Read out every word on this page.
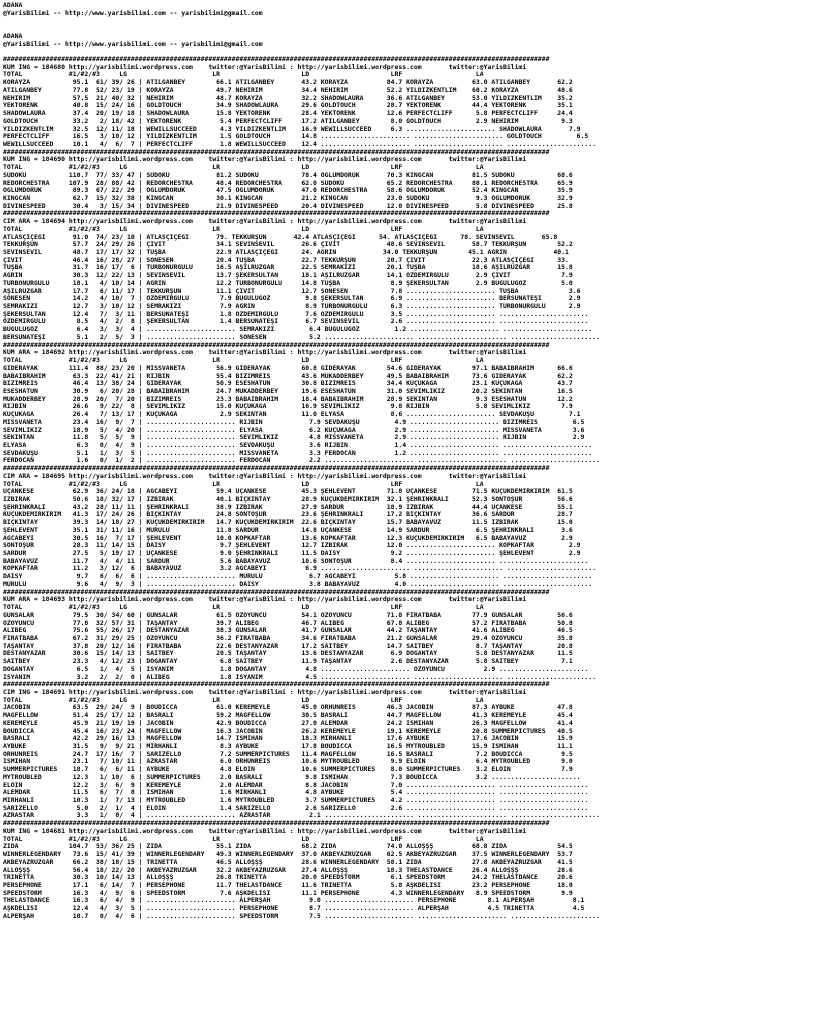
ADANA
@YarisBilimi -- http://www.yarisbilimi.com -- yarisbilimi@gmail.com
ADANA
@YarisBilimi -- http://www.yarisbilimi.com -- yarisbilimi@gmail.com
#############################################################################################################################################
KUM ING = 184680 http://yarisbilimi.wordpress.com    twitter:@YarisBilimi : http://yarisbilimi.wordpress.com       twitter:@YarisBilimi
TOTAL            #1/#2/#3     LG                      LR                     LD                     LRF                   LA
KORAYZA           95.1  61/ 39/ 26 | ATILGANBEY        66.1 ATILGANBEY       43.2 KORAYZA          84.7 KORAYZA          63.0 ATILGANBEY       62.2
ATILGANBEY        77.8  52/ 23/ 19 | KORAYZA           49.7 NEHİRİM          34.4 NEHİRİM          52.2 YILDIZKENTLİM    60.2 KORAYZA          48.6
NEHİRİM           57.5  21/ 40/ 32 | NEHİRİM           48.7 KORAYZA          32.2 SHADOWLAURA      36.6 ATILGANBEY       53.0 YILDIZKENTLİM    35.2
YEKTORENK         40.8  15/ 24/ 16 | GOLDTOUCH         34.9 SHADOWLAURA      29.6 GOLDTOUCH        28.7 YEKTORENK        44.4 YEKTORENK        35.1
SHADOWLAURA       37.4  20/ 19/ 18 | SHADOWLAURA       15.8 YEKTORENK        28.4 YEKTORENK        12.6 PERFECTCLIFF      5.8 PERFECTCLIFF     24.4
GOLDTOUCH         33.2   2/ 18/ 42 | YEKTORENK          5.4 PERFECTCLIFF     17.2 ATILGANBEY        8.0 GOLDTOUCH         2.9 NEHİRİM           9.3
YILDIZKENTLİM     32.5  12/ 11/ 18 | WEWILLSUCCEED      4.3 YILDIZKENTLİM    16.9 WEWILLSUCCEED     6.3 ....................... SHADOWLAURA       7.9
PERFECTCLIFF      16.5   3/ 10/ 12 | YILDIZKENTLİM      1.5 GOLDTOUCH        14.8 ....................... ....................... GOLDTOUCH         6.5
WEWILLSUCCEED     10.1   4/  6/  7 | PERFECTCLIFF       1.8 WEWILLSUCCEED    12.4 ....................... ....................... .......................
#############################################################################################################################################
KUM ING = 184690 http://yarisbilimi.wordpress.com    twitter:@YarisBilimi : http://yarisbilimi.wordpress.com       twitter:@YarisBilimi
TOTAL            #1/#2/#3     LG                      LR                     LD                     LRF                   LA
SUDOKU           110.7  77/ 33/ 47 | SUDOKU            81.2 SUDOKU           78.4 OĞLUMDORUK       70.3 KINGCAN          81.5 SUDOKU           68.6
REDORCHESTRA     107.9  28/ 88/ 42 | REDORCHESTRA      48.4 REDORCHESTRA     62.0 SUDOKU           65.2 REDORCHESTRA     80.1 REDORCHESTRA     65.9
OĞLUMDORUK        89.3  67/ 22/ 29 | OĞLUMDORUK        47.5 OĞLUMDORUK       47.0 REDORCHESTRA     58.6 OĞLUMDORUK       52.4 KINGCAN          35.9
KINGCAN           62.7  15/ 32/ 38 | KINGCAN           30.1 KINGCAN          21.2 KINGCAN          23.0 SUDOKU            9.3 OĞLUMDORUK       32.9
DIVINESPEED       30.4   3/ 15/ 34 | DIVINESPEED       21.9 DIVINESPEED      20.4 DIVINESPEED      12.0 DIVINESPEED       5.8 DIVINESPEED      25.8
#############################################################################################################################################
CIM ARA = 184694 http://yarisbilimi.wordpress.com    twitter:@YarisBilimi : http://yarisbilimi.wordpress.com       twitter:@YarisBilimi
TOTAL            #1/#2/#3     LG                      LR                     LD                     LRF                   LA
ATLASÇİÇEĞİ       91.0  74/ 23/ 10 | ATLASÇİÇEĞİ       79. TEKKURŞUN       42.4 ATLASÇİÇEĞİ      54. ATLASÇİÇEĞİ      78. SEVİNSEVİL       65.8
TEKKURŞUN         57.7  24/ 29/ 26 | ÇİVİT             34.1 SEVİNSEVİL       26.6 ÇİVİT            48.6 SEVİNSEVİL       58.7 TEKKURŞUN        52.2
SEVİNSEVİL        48.7  17/ 17/ 32 | TUŞBA             22.9 ATLASÇİÇEĞİ      24. AĞRIN            34.0 TEKKURŞUN        45.1 AĞRIN            40.1
ÇİVİT             46.4  16/ 28/ 27 | SONESEN           20.4 TUŞBA            22.7 TEKKURŞUN        20.7 ÇİVİT            22.3 ATLASÇİÇEĞİ      33.
TUŞBA             31.7  16/ 17/  6 | TURBONURGÜLÜ      16.5 AŞİLRÜZGAR       22.5 SEMRAKİZİ        20.1 TUŞBA            18.6 AŞİLRÜZGAR       15.8
AĞRIN             30.3  12/ 22/ 13 | SEVİNSEVİL        13.7 ŞEKERSULTAN      18.1 AŞİLRÜZGAR       14.1 ÖZDEMİRGÜLÜ       2.9 ÇİVİT             7.9
TURBONURGÜLÜ      18.1   4/ 10/ 14 | AĞRIN             12.2 TURBONURGÜLÜ     14.8 TUŞBA             8.9 ŞEKERSULTAN       2.9 BUĞULUGÖZ         5.0
AŞİLRÜZGAR        17.7   6/ 11/ 17 | TEKKURŞUN         11.1 ÇİVİT            12.7 SONESEN           7.8 ....................... TUŞBA             3.6
SONESEN           14.2   4/ 10/  7 | ÖZDEMİRGÜLÜ        7.9 BUĞULUGÖZ         9.8 ŞEKERSULTAN       6.9 ....................... BERSUNATEŞİ       2.9
SEMRAKİZİ         12.7   3/ 10/ 12 | SEMRAKİZİ          7.9 AĞRIN             8.9 TURBONURGÜLÜ      6.3 ....................... TURBONURGÜLÜ      2.9
ŞEKERSULTAN       12.4   7/  3/ 11 | BERSUNATEŞİ        1.8 ÖZDEMİRGÜLÜ       7.6 ÖZDEMİRGÜLÜ       3.5 ....................... .......................
ÖZDEMİRGÜLÜ        8.5   4/  2/  8 | ŞEKERSULTAN        1.4 BERSUNATEŞİ       6.7 SEVİNSEVİL        2.6 ....................... .......................
BUĞULUGÖZ          6.4   3/  3/  4 | ....................... SEMRAKİZİ         6.4 BUĞULUGÖZ         1.2 ....................... .......................
BERSUNATEŞİ        5.1   2/  5/  3 | ....................... SONESEN           5.2 ....................... ....................... .......................
#############################################################################################################################################
KUM ARA = 184692 http://yarisbilimi.wordpress.com    twitter:@YarisBilimi : http://yarisbilimi.wordpress.com       twitter:@YarisBilimi
TOTAL            #1/#2/#3     LG                      LR                     LD                     LRF                   LA
GİDERAYAK        111.4  88/ 23/ 20 | MISSVANETA        56.9 GİDERAYAK        60.8 GİDERAYAK        54.6 GİDERAYAK        97.1 BABAİBRAHİM      66.6
BABAİBRAHİM       63.3  22/ 41/ 21 | RİJBİN            55.4 BİZİMREİS        43.6 MUKADDERBEY      49.5 BABAİBRAHİM      73.6 GİDERAYAK        62.2
BİZİMREİS         46.4  13/ 38/ 24 | GİDERAYAK         50.9 ESESHATUN        30.8 BİZİMREİS        34.4 KÜÇÜKAĞA         23.1 KÜÇÜKAĞA         43.7
ESESHATUN         30.9   6/ 20/ 28 | BABAİBRAHİM       24.7 MUKADDERBEY      19.6 ESESHATUN        31.0 SEVİMLİKIZ       20.2 SEKİNTAN         16.5
MUKADDERBEY       28.9  20/  7/ 20 | BİZİMREİS         23.3 BABAİBRAHİM      18.4 BABAİBRAHİM      28.9 SEKİNTAN          9.3 ESESHATUN        12.2
RİJBİN            26.6   9/ 22/  8 | SEVİMLİKIZ        15.0 KÜÇÜKAĞA         16.9 SEVİMLİKIZ        9.8 RİJBİN            5.8 SEVİMLİKIZ        7.9
KÜÇÜKAĞA          26.4   7/ 13/ 17 | KÜÇÜKAĞA           2.9 SEKİNTAN         11.0 ELYASA            8.6 ....................... SEVDAKUŞU         7.1
MISSVANETA        23.4  16/  9/  7 | ....................... RİJBİN            7.9 SEVDAKUŞU         4.9 ....................... BİZİMREİS         6.5
SEVİMLİKIZ        18.9   5/  4/ 20 | ....................... ELYASA            6.2 KÜÇÜKAĞA          2.9 ....................... MISSVANETA        3.6
SEKİNTAN          11.8   5/  5/  9 | ....................... SEVİMLİKIZ        4.8 MISSVANETA        2.9 ....................... RİJBİN            2.9
ELYASA             6.3   0/  4/  9 | ....................... SEVDAKUŞU         3.6 RİJBİN            1.4 ....................... .......................
SEVDAKUŞU          5.1   1/  3/  5 | ....................... MISSVANETA        3.3 FERDOCAN          1.2 ....................... .......................
FERDOCAN           1.6   0/  1/  2 | ....................... FERDOCAN          2.2 ....................... ....................... .......................
#############################################################################################################################################
CIM ARA = 184695 http://yarisbilimi.wordpress.com    twitter:@YarisBilimi : http://yarisbilimi.wordpress.com       twitter:@YarisBilimi
TOTAL            #1/#2/#3     LG                      LR                     LD                     LRF                   LA
UÇANKESE          62.9  36/ 24/ 18 | AĞCABEYİ          59.4 UÇANKESE         45.3 ŞEHLEVENT        71.8 UÇANKESE         71.5 KÜÇÜKDEMİRKIRIM  61.5
İZBİRAK           50.6  18/ 32/ 17 | İZBİRAK           40.1 BIÇKINTAY        28.9 KÜÇÜKDEMİRKIRIM  32.1 ŞEHRİNKRALI      52.3 SONTOŞUR         56.6
ŞEHRİNKRALI       43.2  28/ 11/ 11 | ŞEHRİNKRALI       38.9 İZBİRAK          27.9 SARDUR           18.9 İZBİRAK          44.4 UÇANKESE         55.1
KÜÇÜKDEMİRKIRIM   41.3  17/ 24/ 26 | BIÇKINTAY         24.8 SONTOŞUR         23.6 ŞEHRİNKRALI      17.2 BIÇKINTAY        36.6 SARDUR           28.7
BIÇKINTAY         39.3  14/ 18/ 27 | KÜÇÜKDEMİRKIRIM   14.7 KÜÇÜKDEMİRKIRIM  22.6 BIÇKINTAY        15.7 BABAYAVUZ        11.5 İZBİRAK          15.0
ŞEHLEVENT         35.1  31/ 11/ 16 | MÜRÜLÜ            11.8 SARDUR           14.8 UÇANKESE         14.9 SARDUR            6.5 ŞEHRİNKRALI       3.6
AĞCABEYİ          30.5  16/  7/ 17 | ŞEHLEVENT         10.0 KOPKAFTAR        13.6 KOPKAFTAR        12.3 KÜÇÜKDEMİRKIRIM   6.5 BABAYAVUZ         2.9
SONTOŞUR          28.3  11/ 14/ 15 | DAİSY              9.7 ŞEHLEVENT        12.7 İZBİRAK          12.0 ....................... KOPKAFTAR         2.9
SARDUR            27.5   5/ 19/ 17 | UÇANKESE           9.0 ŞEHRİNKRALI      11.5 DAİSY             9.2 ....................... ŞEHLEVENT         2.9
BABAYAVUZ         11.7   4/  4/ 11 | SARDUR             5.6 BABAYAVUZ        10.6 SONTOŞUR          8.4 ....................... .......................
KOPKAFTAR         11.2   3/ 12/  6 | BABAYAVUZ          3.2 AĞCABEYİ          6.9 ....................... ....................... .......................
DAİSY              9.7   6/  6/  6 | ....................... MÜRÜLÜ            6.7 AĞCABEYİ          5.8 ....................... .......................
MÜRÜLÜ             9.6   4/  9/  3 | ....................... DAİSY             3.8 BABAYAVUZ         4.0 ....................... .......................
#############################################################################################################################################
KUM ARA = 184693 http://yarisbilimi.wordpress.com    twitter:@YarisBilimi : http://yarisbilimi.wordpress.com       twitter:@YarisBilimi
TOTAL            #1/#2/#3     LG                      LR                     LD                     LRF                   LA
GÜNSALAR          79.5  30/ 34/ 60 | GÜNSALAR          61.5 ÖZOYUNCU         54.1 ÖZOYUNCU         71.8 FIRATBABA        77.9 GÜNSALAR         56.6
ÖZOYUNCU          77.8  32/ 57/ 31 | TAŞANTAY          39.7 ALİBEĞ           46.7 ALİBEĞ           67.8 ALİBEĞ           57.2 FIRATBABA        50.8
ALİBEĞ            75.6  55/ 26/ 17 | DESTANYAZAR       38.3 GÜNSALAR         41.7 GÜNSALAR         44.2 TAŞANTAY         41.6 ALİBEĞ           46.5
FIRATBABA         67.2  31/ 29/ 25 | ÖZOYUNCU          36.2 FIRATBABA        34.6 FIRATBABA        21.2 GÜNSALAR         29.4 ÖZOYUNCU         35.8
TAŞANTAY          37.8  20/ 12/ 16 | FIRATBABA         22.6 DESTANYAZAR      17.2 SAİTBEY          14.7 SAİTBEY           8.7 TAŞANTAY         20.8
DESTANYAZAR       30.6  15/ 14/ 13 | SAİTBEY           20.5 TAŞANTAY         13.6 DESTANYAZAR       6.9 DOĞANTAY          5.8 DESTANYAZAR      11.5
SAİTBEY           23.3   4/ 12/ 23 | DOĞANTAY           6.8 SAİTBEY          11.9 TAŞANTAY          2.6 DESTANYAZAR       5.8 SAİTBEY           7.1
DOĞANTAY           6.5   1/  4/  5 | İSYANIM            1.8 DOĞANTAY          4.8 ....................... ÖZOYUNCU          2.9 .......................
İSYANIM            3.2   2/  2/  0 | ALİBEĞ             1.8 İSYANIM           4.5 ....................... ....................... .......................
#############################################################################################################################################
CIM ING = 184691 http://yarisbilimi.wordpress.com    twitter:@YarisBilimi : http://yarisbilimi.wordpress.com       twitter:@YarisBilimi
TOTAL            #1/#2/#3     LG                      LR                     LD                     LRF                   LA
JACOBIN           63.5  29/ 24/  9 | BOUDICCA          61.0 KEREMEYLE        45.0 ORHUNREİS        46.3 JACOBIN          87.3 AYBÜKE           47.8
MAGFELLOW         51.4  25/ 17/ 12 | BASRALI           59.2 MAGFELLOW        30.5 BASRALI          44.7 MAGFELLOW        41.3 KEREMEYLE        45.4
KEREMEYLE         45.9  21/ 19/ 19 | JACOBIN           42.9 BOUDICCA         27.0 ALEMDAR          24.2 İSMİHAN          26.3 MAGFELLOW        41.4
BOUDICCA          45.4  16/ 23/ 24 | MAGFELLOW         16.3 JACOBIN          26.2 KEREMEYLE        19.1 KEREMEYLE        20.8 SUMMERPICTURES   40.5
BASRALI           42.2  29/ 16/ 13 | MAGFELLOW         14.7 İSMİHAN          18.3 MİRHANLI         17.6 AYBÜKE           17.6 JACOBIN          15.9
AYBÜKE            31.5   9/  9/ 21 | MİRHANLI           8.3 AYBÜKE           17.8 BOUDICCA         16.5 MYTROUBLED       15.9 İSMİHAN          11.1
ORHUNREİS         24.7  17/ 16/  7 | SARIZELLO          7.2 SUMMERPICTURES   11.4 MAGFELLOW        16.5 BASRALI           7.2 BOUDICCA          9.5
İSMİHAN           23.1   7/ 10/ 11 | AZRASTAR           6.0 ORHUNREİS        10.6 MYTROUBLED        9.9 ELOIN             6.4 MYTROUBLED        9.0
SUMMERPICTURES    18.7   6/  6/ 11 | AYBÜKE             4.8 ELOIN            10.6 SUMMERPICTURES    8.0 SUMMERPICTURES    3.2 ELOIN             7.9
MYTROUBLED        12.3   1/ 10/  6 | SUMMERPICTURES     2.0 BASRALI           9.8 İSMİHAN           7.3 BOUDICCA          3.2 .......................
ELOIN             12.2   3/  6/  9 | KEREMEYLE          2.0 ALEMDAR           8.8 JACOBIN           7.0 ....................... .......................
ALEMDAR           11.5   6/  7/  8 | İSMİHAN            1.6 MİRHANLI          4.8 AYBÜKE            5.4 ....................... .......................
MİRHANLI          10.3   1/  7/ 13 | MYTROUBLED         1.6 MYTROUBLED        3.7 SUMMERPICTURES    4.2 ....................... .......................
SARIZELLO          5.0   2/  1/  4 | ELOIN              1.4 SARIZELLO         2.6 SARIZELLO         2.6 ....................... .......................
AZRASTAR           3.3   1/  0/  4 | ....................... AZRASTAR          2.1 ....................... ....................... .......................
#############################################################################################################################################
KUM ING = 184681 http://yarisbilimi.wordpress.com    twitter:@YarisBilimi : http://yarisbilimi.wordpress.com       twitter:@YarisBilimi
TOTAL            #1/#2/#3     LG                      LR                     LD                     LRF                   LA
ZIDA             104.7  53/ 36/ 25 | ZIDA              55.1 ZIDA             68.2 ZIDA             74.0 ALLÖŞŞŞ          68.8 ZIDA             54.5
WINNERLEGENDARY   73.6  15/ 41/ 39 | WINNERLEGENDARY   49.3 WINNERLEGENDARY  37.0 AKBEYAZRÜZGAR    62.5 AKBEYAZRÜZGAR    37.5 WINNERLEGENDARY  53.7
AKBEYAZRÜZGAR     66.2  38/ 18/ 15 | TRİNETTA          46.5 ALLÖŞŞŞ          28.6 WINNERLEGENDARY  58.1 ZIDA             27.8 AKBEYAZRÜZGAR    41.5
ALLÖŞŞŞ           56.4  18/ 22/ 20 | AKBEYAZRÜZGAR     32.2 AKBEYAZRÜZGAR    27.4 ALLÖŞŞŞ          18.3 THELASTDANCE     26.4 ALLÖŞŞŞ          28.6
TRİNETTA          30.3  10/ 14/ 13 | ALLÖŞŞŞ           26.8 TRİNETTA         20.0 SPEEDSTORM        6.1 SPEEDSTORM       24.2 THELASTDANCE     20.6
PERSEPHONE        17.1   6/ 14/  7 | PERSEPHONE        11.7 THELASTDANCE     11.6 TRİNETTA          5.8 AŞKDELİSİ        23.2 PERSEPHONE       18.0
SPEEDSTORM        16.3   4/  9/  6 | SPEEDSTORM         7.6 AŞKDELİSİ        11.1 PERSEPHONE        4.3 WINNERLEGENDARY   8.9 SPEEDSTORM        9.9
THELASTDANCE      16.3   6/  4/  9 | ....................... ALPERŞAH          9.0 ....................... PERSEPHONE        8.1 ALPERŞAH          8.1
AŞKDELİSİ         12.4   4/  3/  5 | ....................... PERSEPHONE        8.7 ....................... ALPERŞAH          4.5 TRİNETTA          4.5
ALPERŞAH          10.7   0/  4/  6 | ....................... SPEEDSTORM        7.5 ....................... ....................... .......................
